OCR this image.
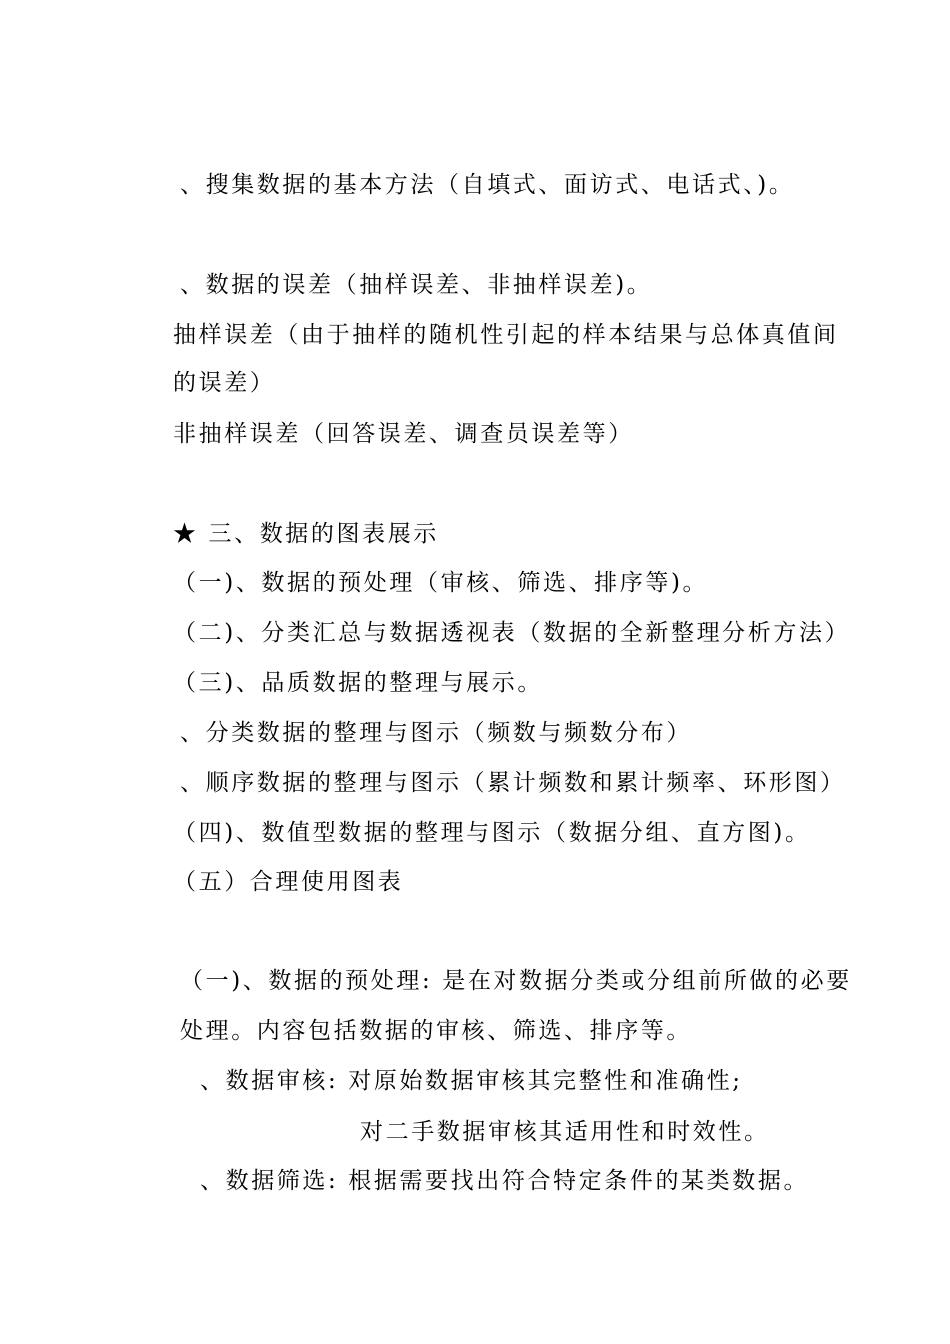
、搜集数据的基本方法（自填式、面访式、电话式、)。
、数据的误差（抽样误差、非抽样误差)。
抽样误差（由于抽样的随机性引起的样本结果与总体真值间
的误差）
非抽样误差（回答误差、调查员误差等）
★ 三、数据的图表展示
（一)、数据的预处理（审核、筛选、排序等)。
（二)、分类汇总与数据透视表（数据的全新整理分析方法）
（三)、品质数据的整理与展示。
、分类数据的整理与图示（频数与频数分布）
、顺序数据的整理与图示（累计频数和累计频率、环形图）
（四)、数值型数据的整理与图示（数据分组、直方图)。
（五）合理使用图表
（一)、数据的预处理: 是在对数据分类或分组前所做的必要
处理。内容包括数据的审核、筛选、排序等。
、数据审核: 对原始数据审核其完整性和准确性;
对二手数据审核其适用性和时效性。
、数据筛选: 根据需要找出符合特定条件的某类数据。
